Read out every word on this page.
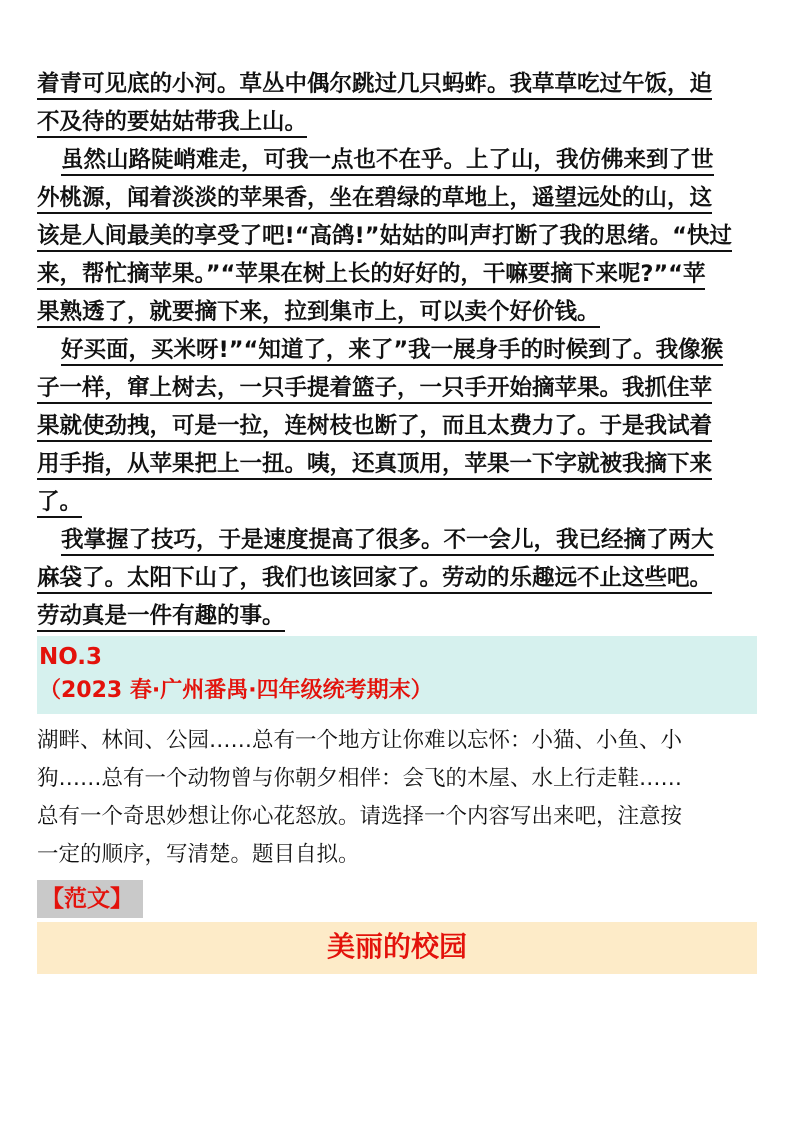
着青可见底的小河。草丛中偶尔跳过几只蚂蚱。我草草吃过午饭，迫
不及待的要姑姑带我上山。
虽然山路陡峭难走，可我一点也不在乎。上了山，我仿佛来到了世
外桃源，闻着淡淡的苹果香，坐在碧绿的草地上，遥望远处的山，这
该是人间最美的享受了吧!“高鸽!”姑姑的叫声打断了我的思绪。“快过
来，帮忙摘苹果。”“苹果在树上长的好好的，干嘛要摘下来呢?”“苹
果熟透了，就要摘下来，拉到集市上，可以卖个好价钱。
好买面，买米呀!”“知道了，来了”我一展身手的时候到了。我像猴
子一样，窜上树去，一只手提着篮子，一只手开始摘苹果。我抓住苹
果就使劲拽，可是一拉，连树枝也断了，而且太费力了。于是我试着
用手指，从苹果把上一扭。咦，还真顶用，苹果一下字就被我摘下来
了。
我掌握了技巧，于是速度提高了很多。不一会儿，我已经摘了两大
麻袋了。太阳下山了，我们也该回家了。劳动的乐趣远不止这些吧。
劳动真是一件有趣的事。
NO.3
（2023 春·广州番禺·四年级统考期末）
湖畔、林间、公园……总有一个地方让你难以忘怀：小猫、小鱼、小
狗……总有一个动物曾与你朝夕相伴：会飞的木屋、水上行走鞋……
总有一个奇思妙想让你心花怒放。请选择一个内容写出来吧，注意按
一定的顺序，写清楚。题目自拟。
【范文】
美丽的校园
